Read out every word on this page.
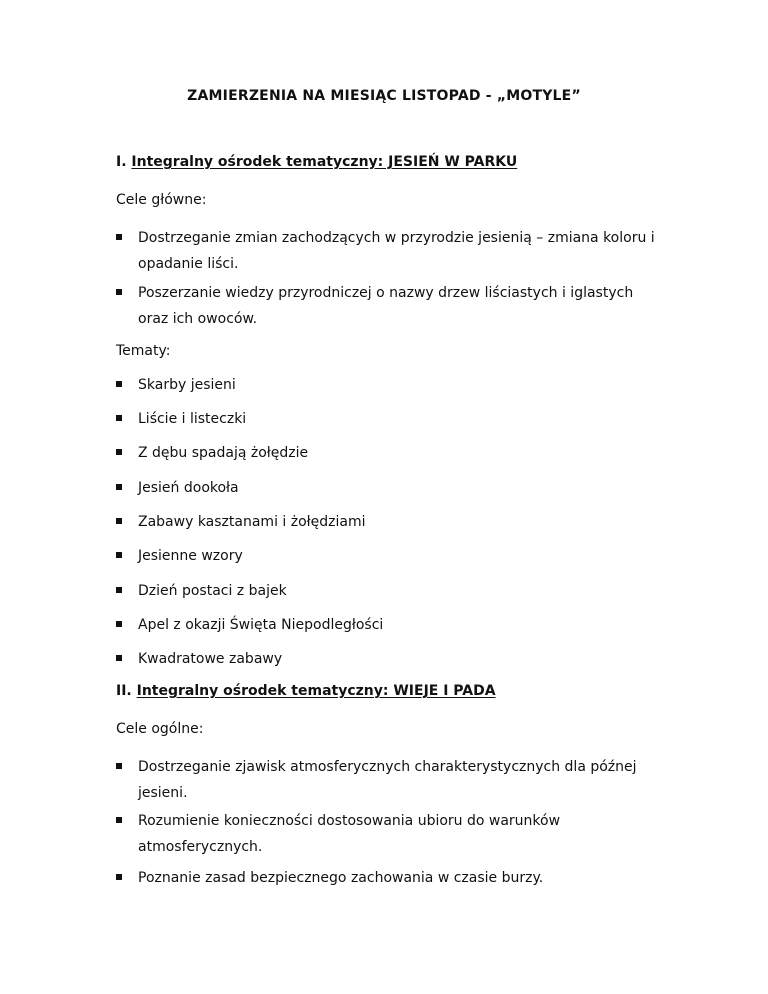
ZAMIERZENIA NA MIESIĄC LISTOPAD - „MOTYLE”
I. Integralny ośrodek tematyczny: JESIEŃ W PARKU
Cele główne:
Dostrzeganie zmian zachodzących w przyrodzie jesienią – zmiana koloru i opadanie liści.
Poszerzanie wiedzy przyrodniczej o nazwy drzew liściastych i iglastych oraz ich owoców.
Tematy:
Skarby jesieni
Liście i listeczki
Z dębu spadają żołędzie
Jesień dookoła
Zabawy kasztanami i żołędziami
Jesienne wzory
Dzień postaci z bajek
Apel z okazji Święta Niepodległości
Kwadratowe zabawy
II. Integralny ośrodek tematyczny: WIEJE I PADA
Cele ogólne:
Dostrzeganie zjawisk atmosferycznych charakterystycznych dla późnej jesieni.
Rozumienie konieczności dostosowania ubioru do warunków atmosferycznych.
Poznanie zasad bezpiecznego zachowania w czasie burzy.
